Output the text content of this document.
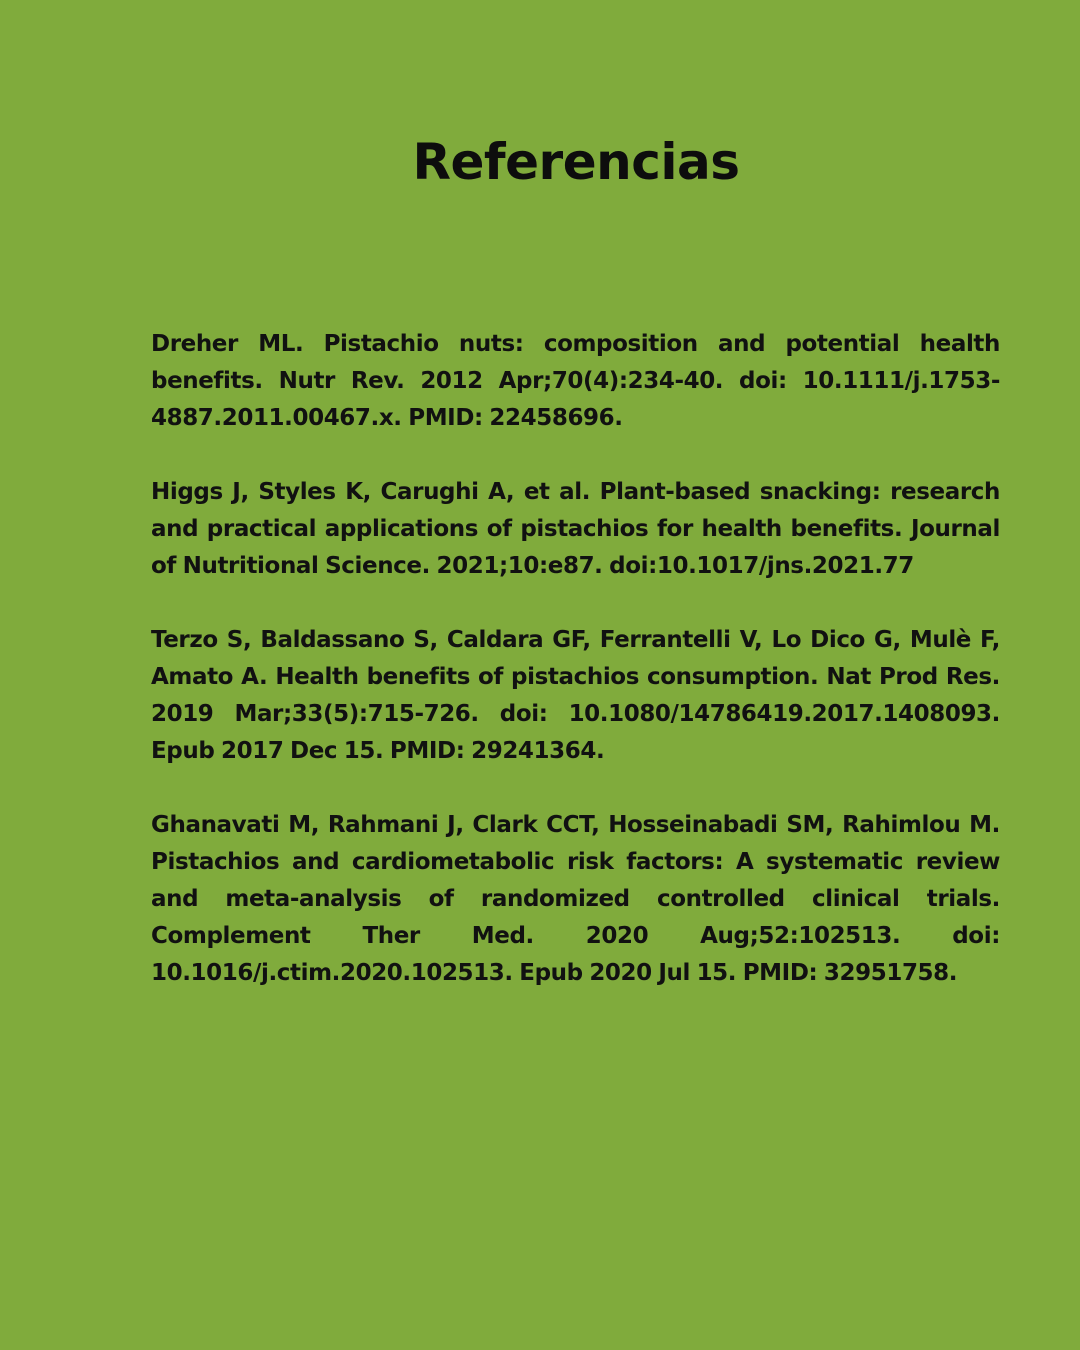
Referencias
Dreher ML. Pistachio nuts: composition and potential health benefits. Nutr Rev. 2012 Apr;70(4):234-40. doi: 10.1111/j.1753-4887.2011.00467.x. PMID: 22458696.
Higgs J, Styles K, Carughi A, et al. Plant-based snacking: research and practical applications of pistachios for health benefits. Journal of Nutritional Science. 2021;10:e87. doi:10.1017/jns.2021.77
Terzo S, Baldassano S, Caldara GF, Ferrantelli V, Lo Dico G, Mulè F, Amato A. Health benefits of pistachios consumption. Nat Prod Res. 2019 Mar;33(5):715-726. doi: 10.1080/14786419.2017.1408093. Epub 2017 Dec 15. PMID: 29241364.
Ghanavati M, Rahmani J, Clark CCT, Hosseinabadi SM, Rahimlou M. Pistachios and cardiometabolic risk factors: A systematic review and meta-analysis of randomized controlled clinical trials. Complement Ther Med. 2020 Aug;52:102513. doi: 10.1016/j.ctim.2020.102513. Epub 2020 Jul 15. PMID: 32951758.
